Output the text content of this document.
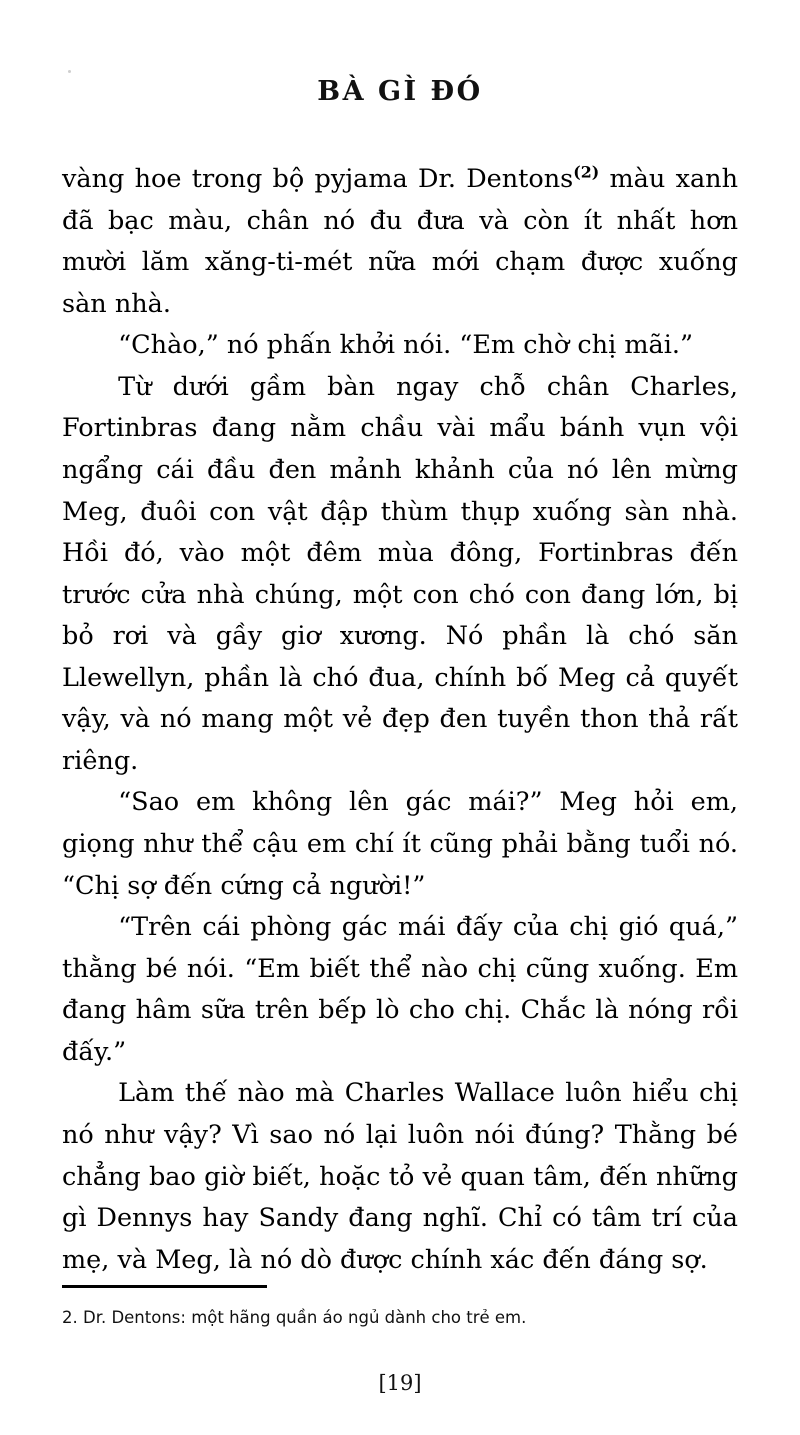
BÀ GÌ ĐÓ

vàng hoe trong bộ pyjama Dr. Dentons$^{(2)}$ màu xanh đã bạc màu, chân nó đu đưa và còn ít nhất hơn mười lăm xăng-ti-mét nữa mới chạm được xuống sàn nhà.

“Chào,” nó phấn khởi nói. “Em chờ chị mãi.”

Từ dưới gầm bàn ngay chỗ chân Charles, Fortinbras đang nằm chầu vài mẩu bánh vụn vội ngẩng cái đầu đen mảnh khảnh của nó lên mừng Meg, đuôi con vật đập thùm thụp xuống sàn nhà. Hồi đó, vào một đêm mùa đông, Fortinbras đến trước cửa nhà chúng, một con chó con đang lớn, bị bỏ rơi và gầy giơ xương. Nó phần là chó săn Llewellyn, phần là chó đua, chính bố Meg cả quyết vậy, và nó mang một vẻ đẹp đen tuyền thon thả rất riêng.

“Sao em không lên gác mái?” Meg hỏi em, giọng như thể cậu em chí ít cũng phải bằng tuổi nó. “Chị sợ đến cứng cả người!”

“Trên cái phòng gác mái đấy của chị gió quá,” thằng bé nói. “Em biết thể nào chị cũng xuống. Em đang hâm sữa trên bếp lò cho chị. Chắc là nóng rồi đấy.”

Làm thế nào mà Charles Wallace luôn hiểu chị nó như vậy? Vì sao nó lại luôn nói đúng? Thằng bé chẳng bao giờ biết, hoặc tỏ vẻ quan tâm, đến những gì Dennys hay Sandy đang nghĩ. Chỉ có tâm trí của mẹ, và Meg, là nó dò được chính xác đến đáng sợ.

2. Dr. Dentons: một hãng quần áo ngủ dành cho trẻ em.
[19]
